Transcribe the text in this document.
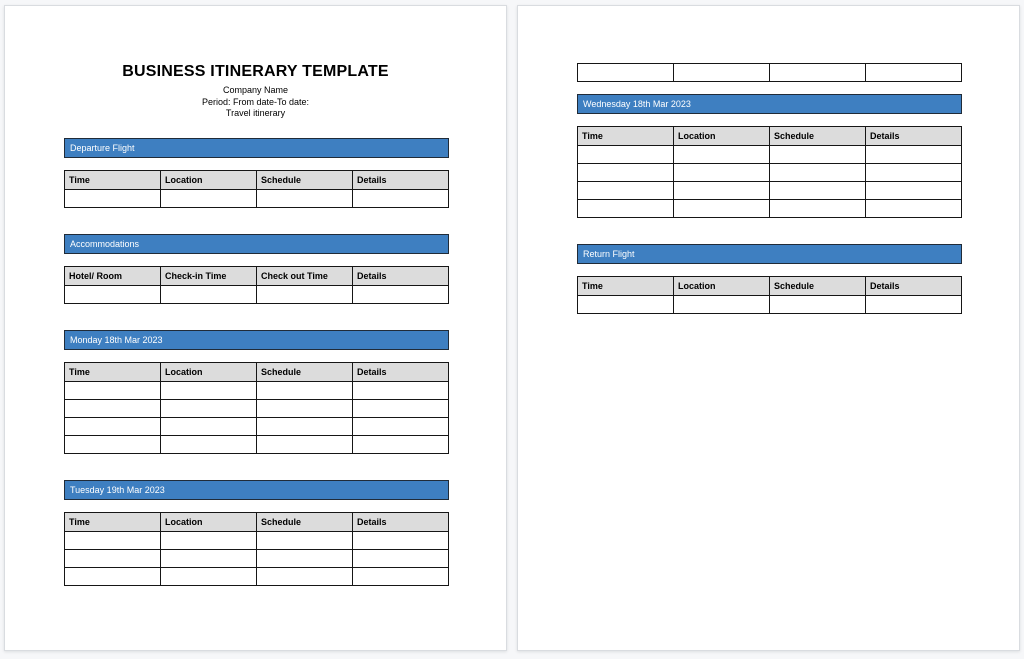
BUSINESS ITINERARY TEMPLATE
Company Name
Period: From date-To date:
Travel itinerary
Departure Flight
Time	Location	Schedule	Details

Accommodations
Hotel/ Room	Check-in Time	Check out Time	Details

Monday 18th Mar 2023
Time	Location	Schedule	Details

Tuesday 19th Mar 2023
Time	Location	Schedule	Details

Wednesday 18th Mar 2023
Time	Location	Schedule	Details

Return Flight
Time	Location	Schedule	Details
